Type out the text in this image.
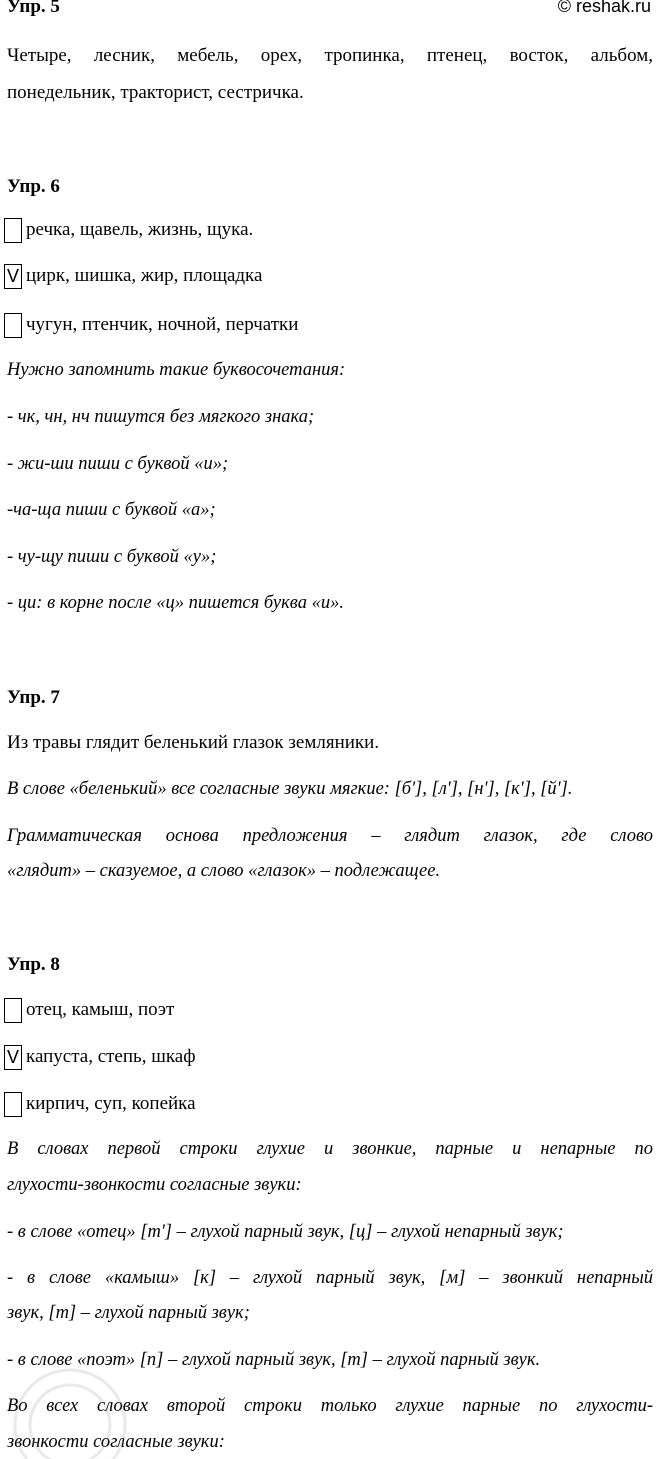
Упр. 5	© reshak.ru
Четыре, лесник, мебель, орех, тропинка, птенец, восток, альбом,
понедельник, тракторист, сестричка.
Упр. 6
речка, щавель, жизнь, щука.
V цирк, шишка, жир, площадка
чугун, птенчик, ночной, перчатки
Нужно запомнить такие буквосочетания:
- чк, чн, нч пишутся без мягкого знака;
- жи-ши пиши с буквой «и»;
-ча-ща пиши с буквой «а»;
- чу-щу пиши с буквой «у»;
- ци: в корне после «ц» пишется буква «и».
Упр. 7
Из травы глядит беленький глазок земляники.
В слове «беленький» все согласные звуки мягкие: [б'], [л'], [н'], [к'], [й'].
Грамматическая основа предложения – глядит глазок, где слово
«глядит» – сказуемое, а слово «глазок» – подлежащее.
Упр. 8
отец, камыш, поэт
V капуста, степь, шкаф
кирпич, суп, копейка
В словах первой строки глухие и звонкие, парные и непарные по
глухости-звонкости согласные звуки:
- в слове «отец» [т'] – глухой парный звук, [ц] – глухой непарный звук;
- в слове «камыш» [к] – глухой парный звук, [м] – звонкий непарный
звук, [т] – глухой парный звук;
- в слове «поэт» [п] – глухой парный звук, [т] – глухой парный звук.
Во всех словах второй строки только глухие парные по глухости-
звонкости согласные звуки:
